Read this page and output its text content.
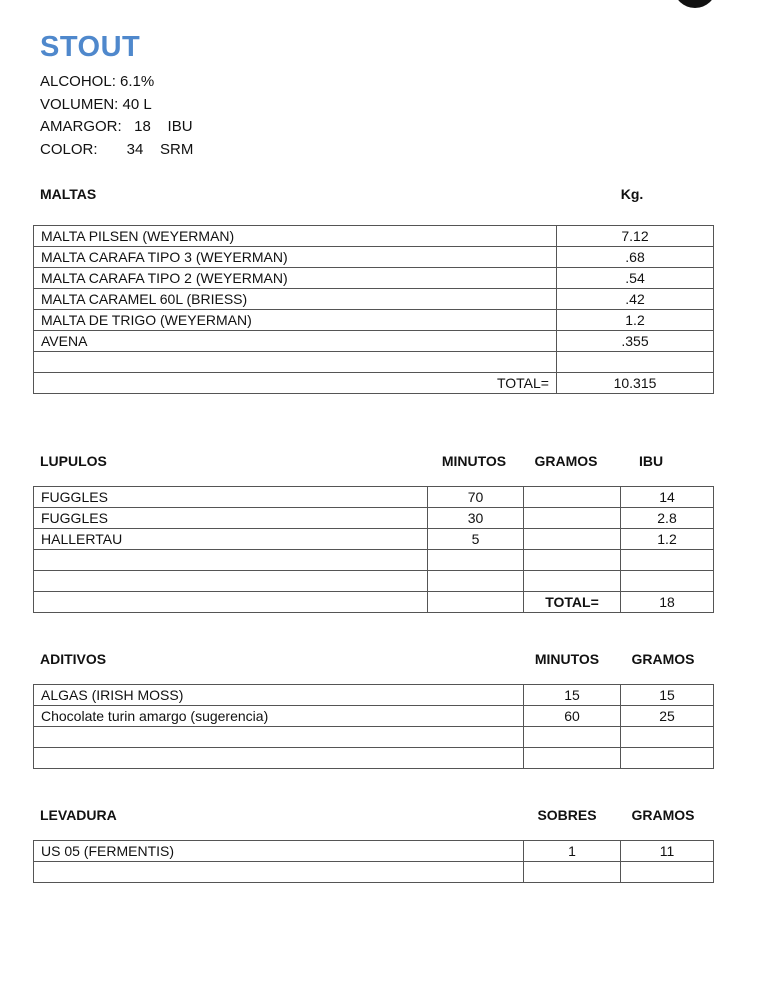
STOUT
ALCOHOL: 6.1%
VOLUMEN: 40 L
AMARGOR:   18    IBU
COLOR:       34    SRM
MALTAS	Kg.
MALTA PILSEN (WEYERMAN)	7.12
MALTA CARAFA TIPO 3 (WEYERMAN)	.68
MALTA CARAFA TIPO 2 (WEYERMAN)	.54
MALTA CARAMEL 60L (BRIESS)	.42
MALTA DE TRIGO (WEYERMAN)	1.2
AVENA	.355

TOTAL=	10.315
LUPULOS	MINUTOS	GRAMOS	IBU
FUGGLES	70		14
FUGGLES	30		2.8
HALLERTAU	5		1.2

		TOTAL=	18
ADITIVOS	MINUTOS	GRAMOS
ALGAS (IRISH MOSS)	15	15
Chocolate turin amargo (sugerencia)	60	25

LEVADURA	SOBRES	GRAMOS
US 05 (FERMENTIS)	1	11
